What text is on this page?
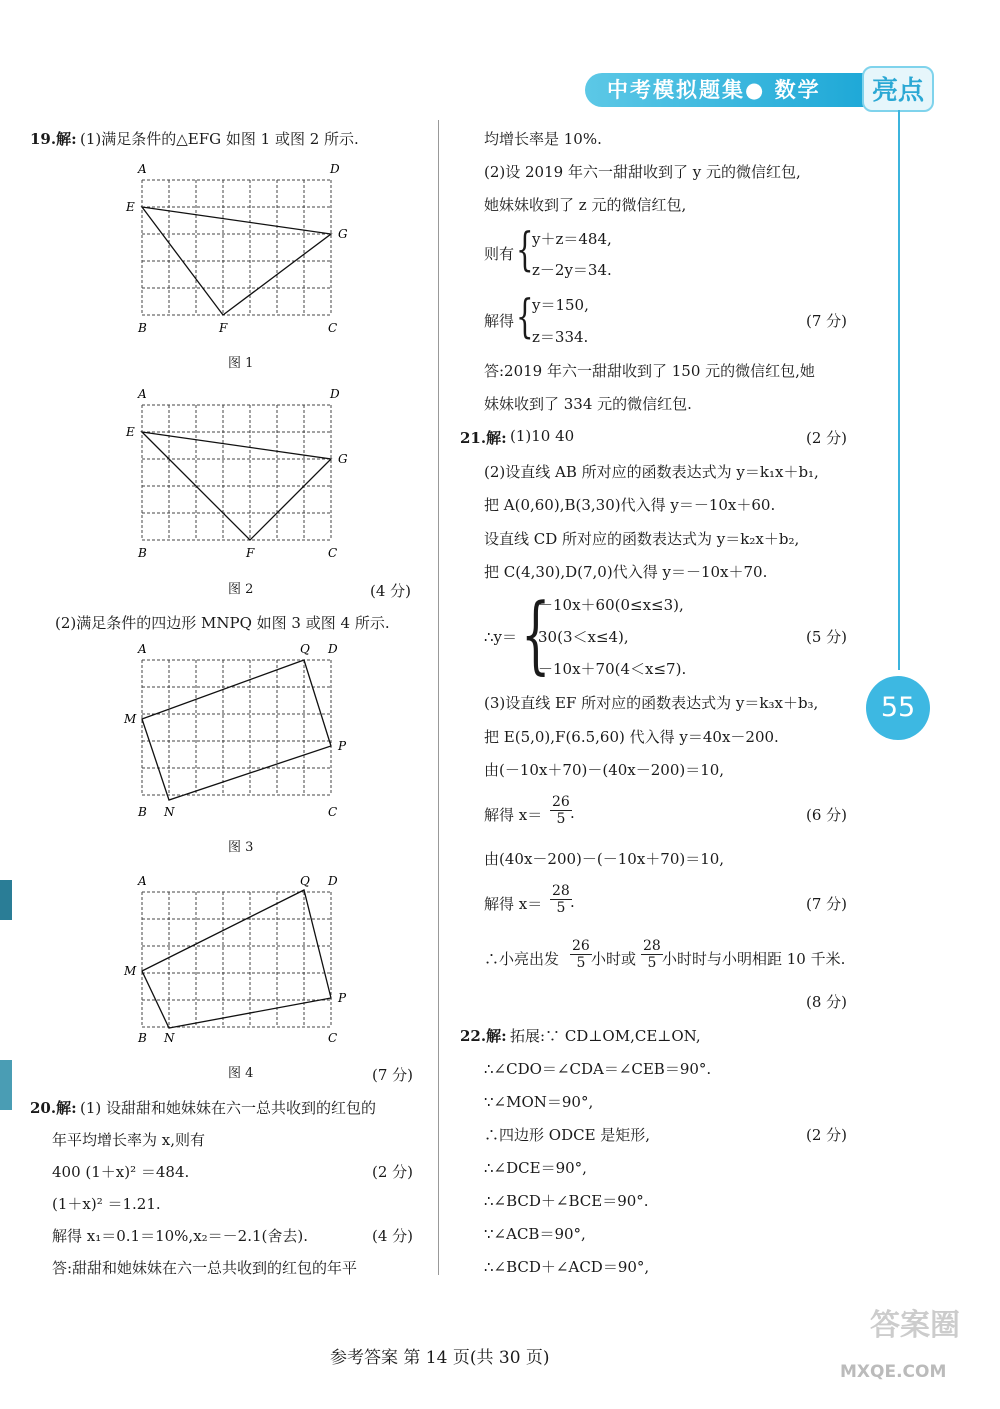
中考模拟题集● 数学	亮点
55
19.解: (1)满足条件的△EFG 如图 1 或图 2 所示.
A	D
E
G
B	F	C
图 1
A	D
E
G
B	F	C
图 2	(4 分)
(2)满足条件的四边形 MNPQ 如图 3 或图 4 所示.
A	Q D
M
P
B N	C
图 3
A	Q D
M
P
B N	C
图 4	(7 分)
20.解: (1) 设甜甜和她妹妹在六一总共收到的红包的
年平均增长率为 x,则有
400 (1＋x)² ＝484.	(2 分)
(1＋x)² ＝1.21.
解得 x₁＝0.1＝10%,x₂＝－2.1(舍去).	(4 分)
答:甜甜和她妹妹在六一总共收到的红包的年平
均增长率是 10%.
(2)设 2019 年六一甜甜收到了 y 元的微信红包,
她妹妹收到了 z 元的微信红包,
则有 {
y＋z＝484,
z－2y＝34.
解得 {
y＝150,
z＝334.
(7 分)
答:2019 年六一甜甜收到了 150 元的微信红包,她
妹妹收到了 334 元的微信红包.
21.解: (1)10 40	(2 分)
(2)设直线 AB 所对应的函数表达式为 y＝k₁x＋b₁,
把 A(0,60),B(3,30)代入得 y＝－10x＋60.
设直线 CD 所对应的函数表达式为 y＝k₂x＋b₂,
把 C(4,30),D(7,0)代入得 y＝－10x＋70.
∴y＝ {
－10x＋60(0≤x≤3),
30(3＜x≤4),
－10x＋70(4＜x≤7).
(5 分)
(3)设直线 EF 所对应的函数表达式为 y＝k₃x＋b₃,
把 E(5,0),F(6.5,60) 代入得 y＝40x－200.
由(－10x＋70)－(40x－200)＝10,
解得 $x= \frac{26}{5}$
.	(6 分)
由(40x－200)－(－10x＋70)＝10,
解得 $x= \frac{28}{5}$
.	(7 分)
∴小亮出发 $\frac{26}{5}$ 小时或 $\frac{28}{5}$ 小时时与小明相距 10 千米.
(8 分)
22.解: 拓展:∵ CD⊥OM,CE⊥ON,
∴∠CDO＝∠CDA＝∠CEB＝90°.
∵∠MON＝90°,
∴四边形 ODCE 是矩形,	(2 分)
∴∠DCE＝90°,
∴∠BCD＋∠BCE＝90°.
∵∠ACB＝90°,
∴∠BCD＋∠ACD＝90°,
参考答案 第 14 页(共 30 页)
答案圈
MXQE.COM
